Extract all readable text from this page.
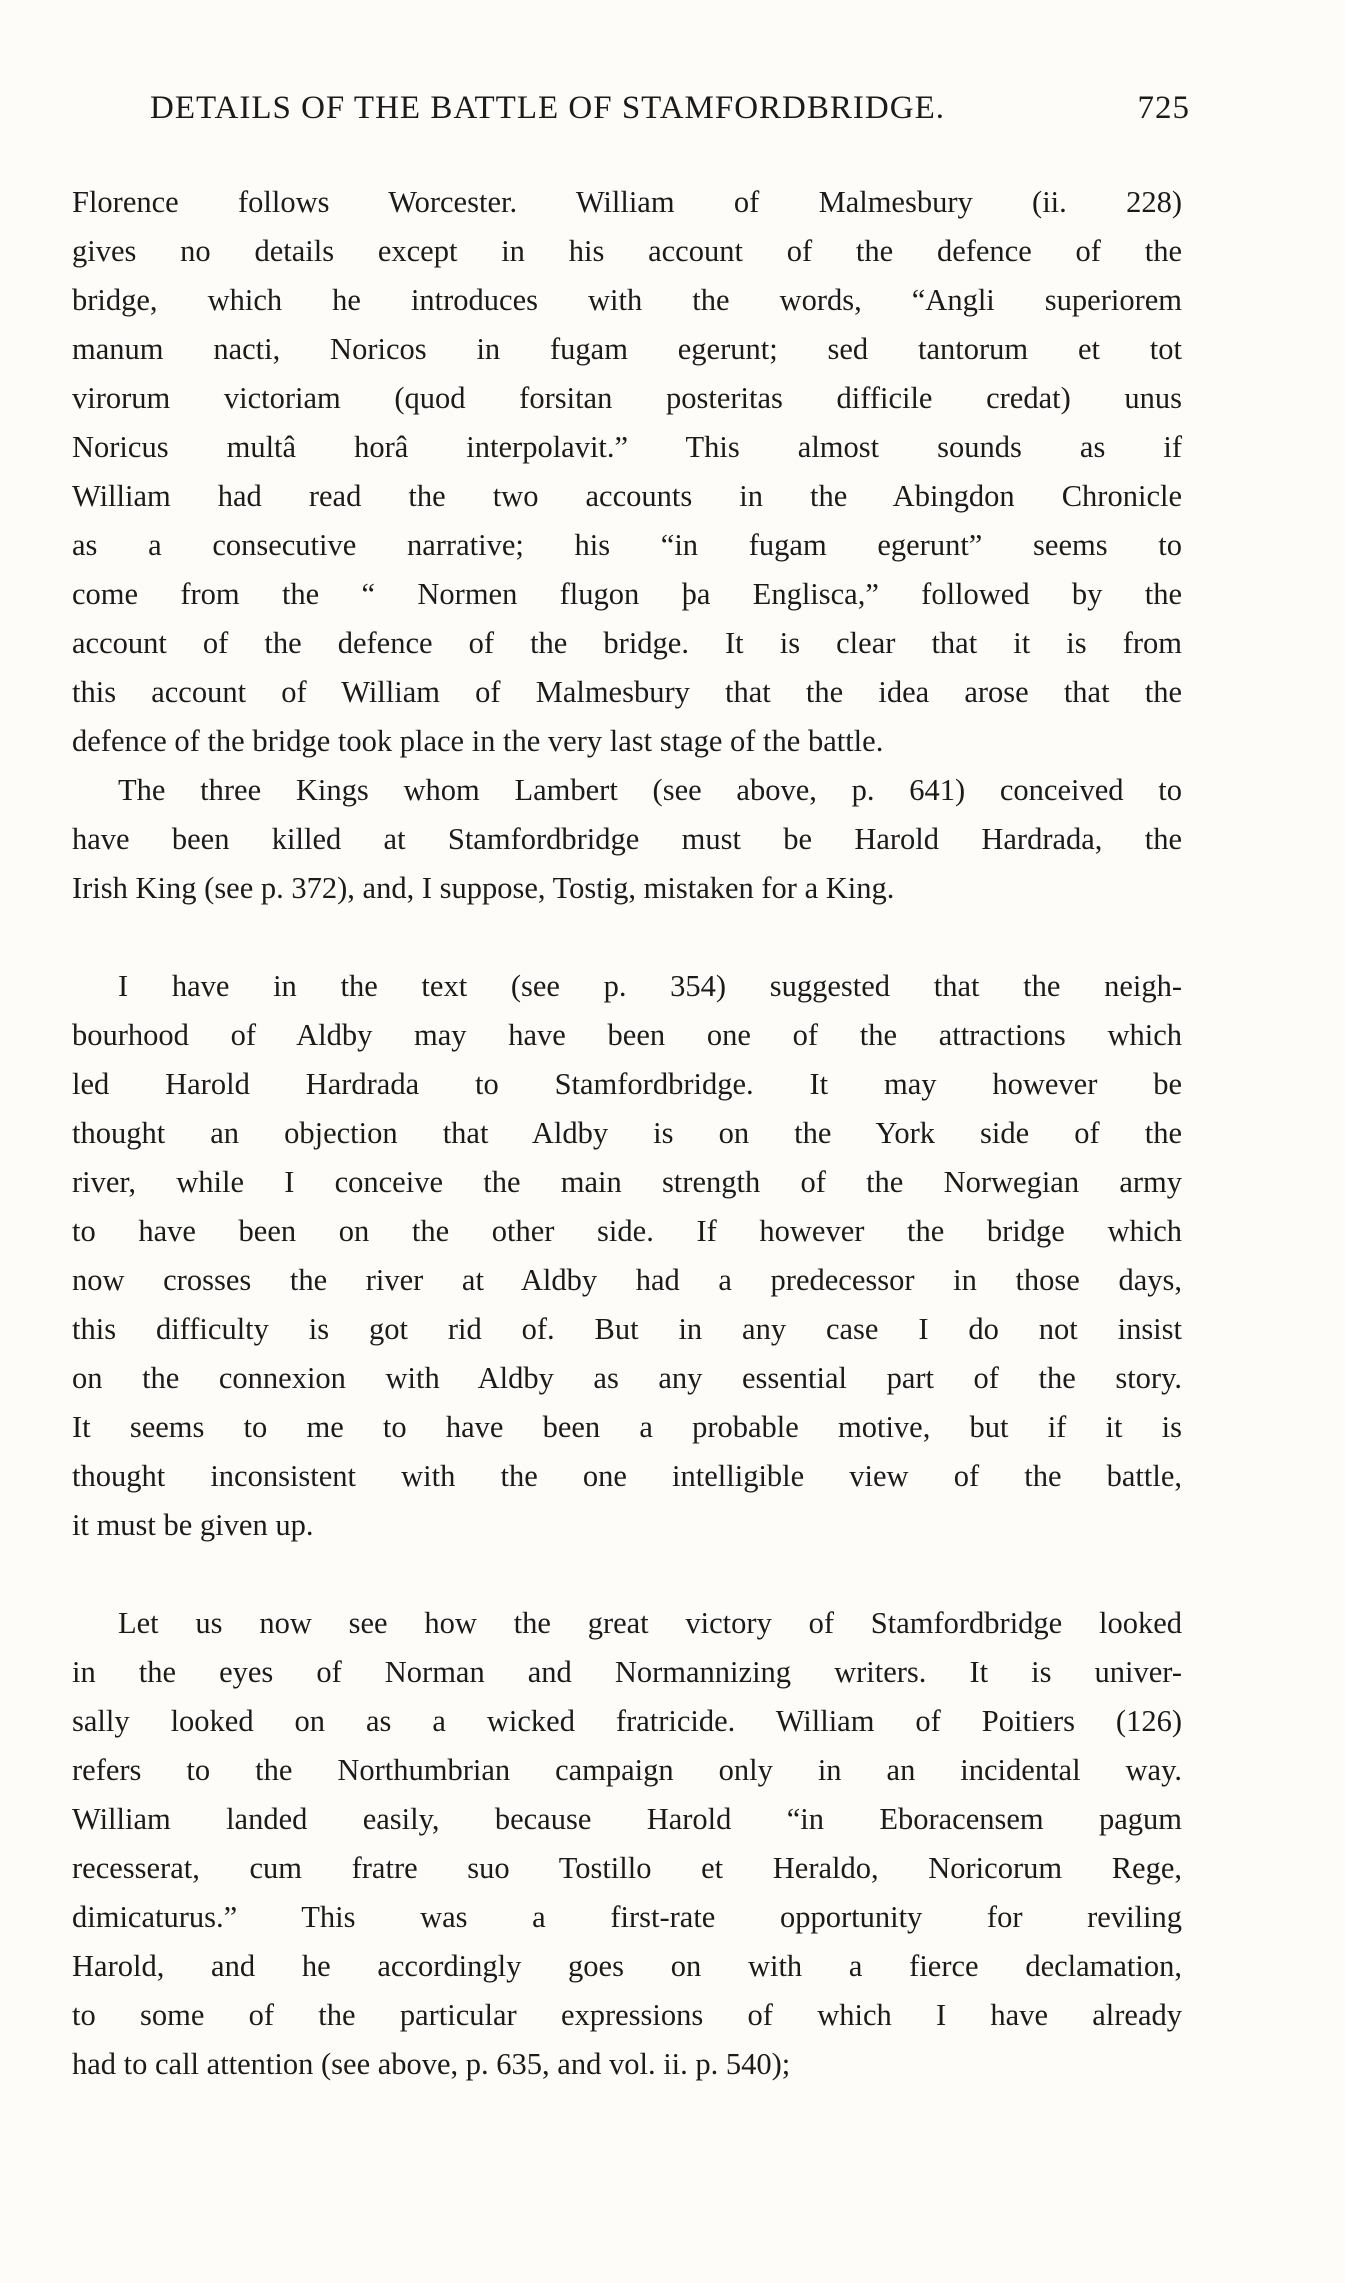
DETAILS OF THE BATTLE OF STAMFORDBRIDGE.	725
Florence follows Worcester. William of Malmesbury (ii. 228)
gives no details except in his account of the defence of the
bridge, which he introduces with the words, “Angli superiorem
manum nacti, Noricos in fugam egerunt; sed tantorum et tot
virorum victoriam (quod forsitan posteritas difficile credat) unus
Noricus multâ horâ interpolavit.” This almost sounds as if
William had read the two accounts in the Abingdon Chronicle
as a consecutive narrative; his “in fugam egerunt” seems to
come from the “ Normen flugon þa Englisca,” followed by the
account of the defence of the bridge. It is clear that it is from
this account of William of Malmesbury that the idea arose that the
defence of the bridge took place in the very last stage of the battle.
The three Kings whom Lambert (see above, p. 641) conceived to
have been killed at Stamfordbridge must be Harold Hardrada, the
Irish King (see p. 372), and, I suppose, Tostig, mistaken for a King.
I have in the text (see p. 354) suggested that the neigh-
bourhood of Aldby may have been one of the attractions which
led Harold Hardrada to Stamfordbridge. It may however be
thought an objection that Aldby is on the York side of the
river, while I conceive the main strength of the Norwegian army
to have been on the other side. If however the bridge which
now crosses the river at Aldby had a predecessor in those days,
this difficulty is got rid of. But in any case I do not insist
on the connexion with Aldby as any essential part of the story.
It seems to me to have been a probable motive, but if it is
thought inconsistent with the one intelligible view of the battle,
it must be given up.
Let us now see how the great victory of Stamfordbridge looked
in the eyes of Norman and Normannizing writers. It is univer-
sally looked on as a wicked fratricide. William of Poitiers (126)
refers to the Northumbrian campaign only in an incidental way.
William landed easily, because Harold “in Eboracensem pagum
recesserat, cum fratre suo Tostillo et Heraldo, Noricorum Rege,
dimicaturus.” This was a first-rate opportunity for reviling
Harold, and he accordingly goes on with a fierce declamation,
to some of the particular expressions of which I have already
had to call attention (see above, p. 635, and vol. ii. p. 540);
